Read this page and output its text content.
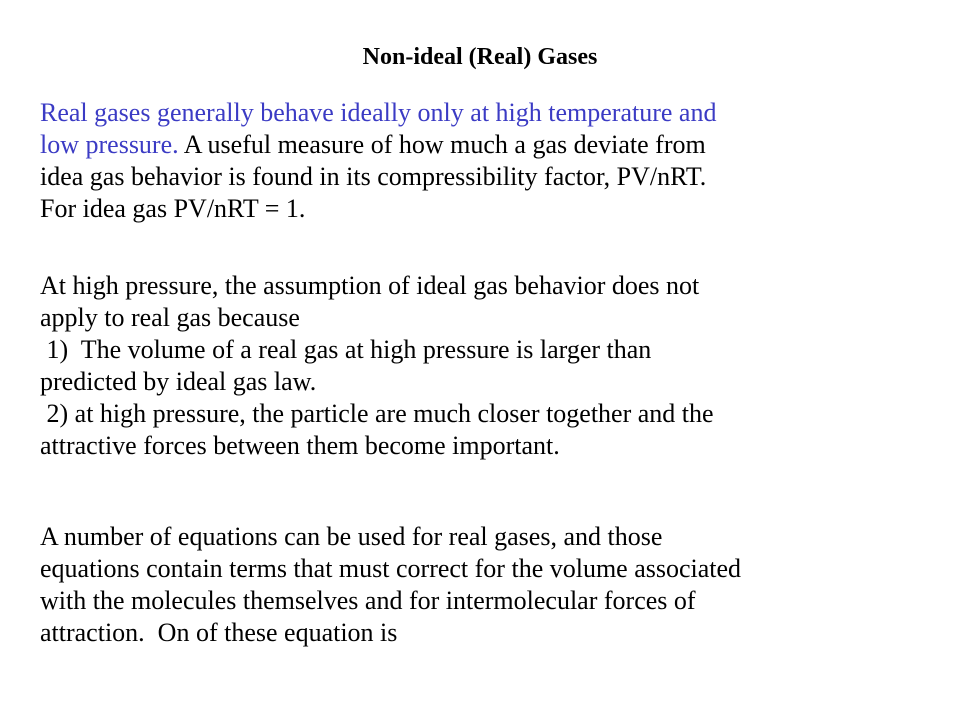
Non-ideal (Real) Gases

Real gases generally behave ideally only at high temperature and
low pressure. A useful measure of how much a gas deviate from
idea gas behavior is found in its compressibility factor, PV/nRT.
For idea gas PV/nRT = 1.

At high pressure, the assumption of ideal gas behavior does not
apply to real gas because
1)  The volume of a real gas at high pressure is larger than
predicted by ideal gas law.
2) at high pressure, the particle are much closer together and the
attractive forces between them become important.

A number of equations can be used for real gases, and those
equations contain terms that must correct for the volume associated
with the molecules themselves and for intermolecular forces of
attraction.  On of these equation is
